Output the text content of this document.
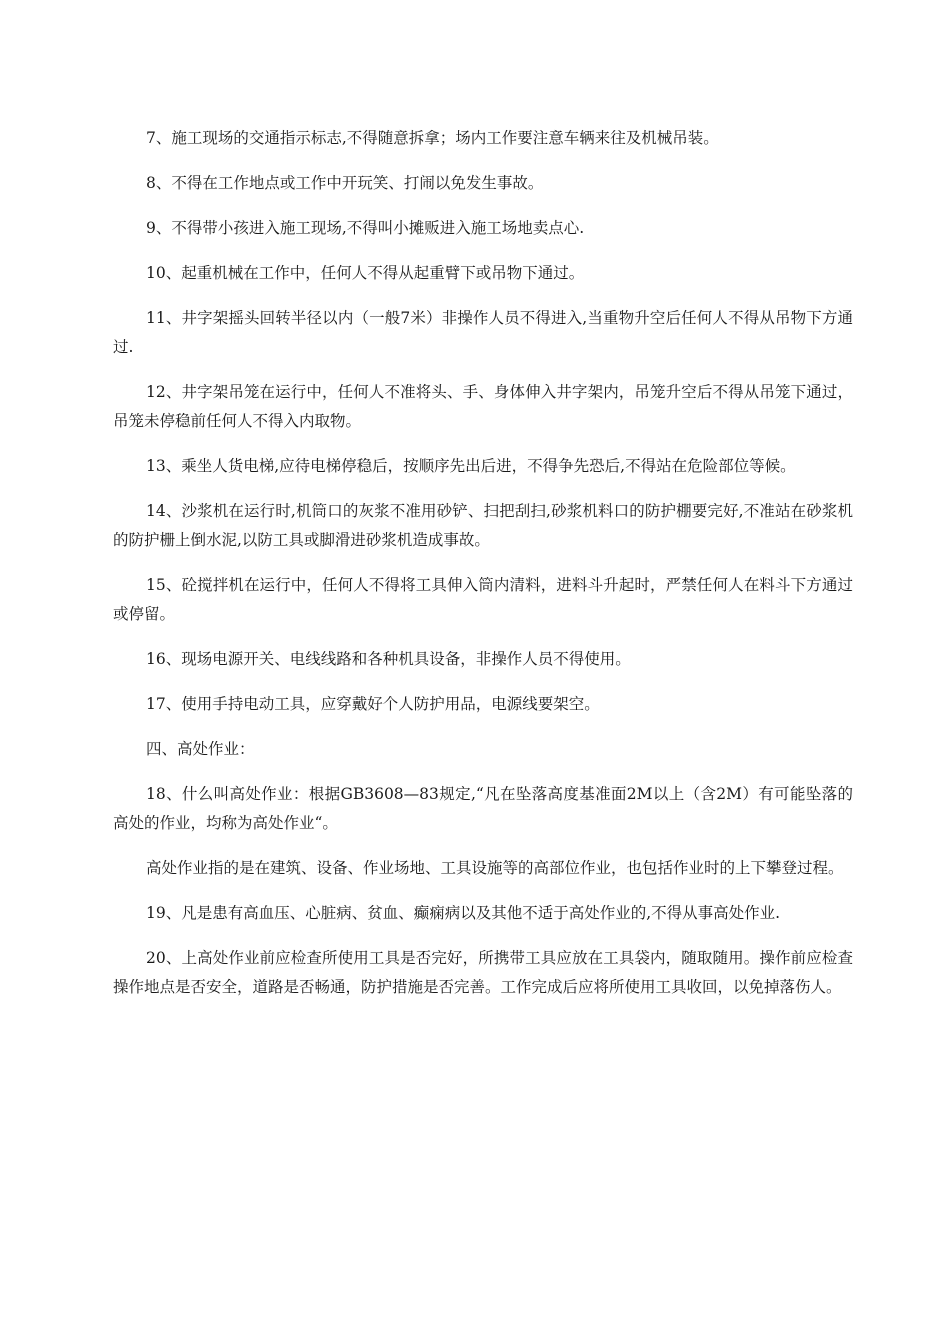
7、施工现场的交通指示标志,不得随意拆拿；场内工作要注意车辆来往及机械吊装。

8、不得在工作地点或工作中开玩笑、打闹以免发生事故。

9、不得带小孩进入施工现场,不得叫小摊贩进入施工场地卖点心.

10、起重机械在工作中，任何人不得从起重臂下或吊物下通过。

11、井字架摇头回转半径以内（一般7米）非操作人员不得进入,当重物升空后任何人不得从吊物下方通过.

12、井字架吊笼在运行中，任何人不准将头、手、身体伸入井字架内，吊笼升空后不得从吊笼下通过，吊笼未停稳前任何人不得入内取物。

13、乘坐人货电梯,应待电梯停稳后，按顺序先出后进，不得争先恐后,不得站在危险部位等候。

14、沙浆机在运行时,机筒口的灰浆不准用砂铲、扫把刮扫,砂浆机料口的防护棚要完好,不准站在砂浆机的防护栅上倒水泥,以防工具或脚滑进砂浆机造成事故。

15、砼搅拌机在运行中，任何人不得将工具伸入筒内清料，进料斗升起时，严禁任何人在料斗下方通过或停留。

16、现场电源开关、电线线路和各种机具设备，非操作人员不得使用。

17、使用手持电动工具，应穿戴好个人防护用品，电源线要架空。

四、高处作业：

18、什么叫高处作业：根据GB3608—83规定,“凡在坠落高度基准面2M以上（含2M）有可能坠落的高处的作业，均称为高处作业“。

高处作业指的是在建筑、设备、作业场地、工具设施等的高部位作业，也包括作业时的上下攀登过程。

19、凡是患有高血压、心脏病、贫血、癫痫病以及其他不适于高处作业的,不得从事高处作业.

20、上高处作业前应检查所使用工具是否完好，所携带工具应放在工具袋内，随取随用。操作前应检查操作地点是否安全，道路是否畅通，防护措施是否完善。工作完成后应将所使用工具收回，以免掉落伤人。
